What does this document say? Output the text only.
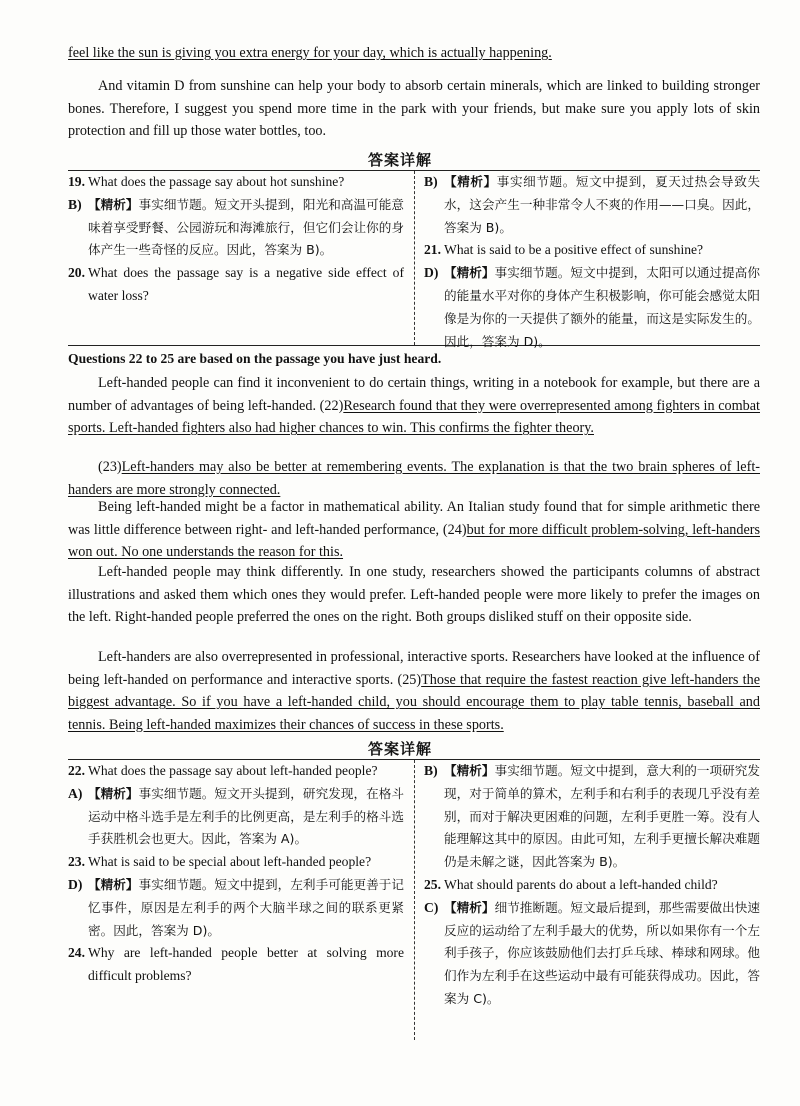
feel like the sun is giving you extra energy for your day, which is actually happening.
And vitamin D from sunshine can help your body to absorb certain minerals, which are linked to building stronger bones. Therefore, I suggest you spend more time in the park with your friends, but make sure you apply lots of skin protection and fill up those water bottles, too.
答案详解
19. What does the passage say about hot sunshine?
B) 【精析】事实细节题。短文开头提到，阳光和高温可能意味着享受野餐、公园游玩和海滩旅行，但它们会让你的身体产生一些奇怪的反应。因此，答案为 B)。
20. What does the passage say is a negative side effect of water loss?
B) 【精析】事实细节题。短文中提到，夏天过热会导致失水，这会产生一种非常令人不爽的作用——口臭。因此，答案为 B)。
21. What is said to be a positive effect of sunshine?
D) 【精析】事实细节题。短文中提到，太阳可以通过提高你的能量水平对你的身体产生积极影响，你可能会感觉太阳像是为你的一天提供了额外的能量，而这是实际发生的。因此，答案为 D)。
Questions 22 to 25 are based on the passage you have just heard.
Left-handed people can find it inconvenient to do certain things, writing in a notebook for example, but there are a number of advantages of being left-handed. (22)Research found that they were overrepresented among fighters in combat sports. Left-handed fighters also had higher chances to win. This confirms the fighter theory.
(23)Left-handers may also be better at remembering events. The explanation is that the two brain spheres of left-handers are more strongly connected.
Being left-handed might be a factor in mathematical ability. An Italian study found that for simple arithmetic there was little difference between right- and left-handed performance, (24)but for more difficult problem-solving, left-handers won out. No one understands the reason for this.
Left-handed people may think differently. In one study, researchers showed the participants columns of abstract illustrations and asked them which ones they would prefer. Left-handed people were more likely to prefer the images on the left. Right-handed people preferred the ones on the right. Both groups disliked stuff on their opposite side.
Left-handers are also overrepresented in professional, interactive sports. Researchers have looked at the influence of being left-handed on performance and interactive sports. (25)Those that require the fastest reaction give left-handers the biggest advantage. So if you have a left-handed child, you should encourage them to play table tennis, baseball and tennis. Being left-handed maximizes their chances of success in these sports.
答案详解
22. What does the passage say about left-handed people?
A) 【精析】事实细节题。短文开头提到，研究发现，在格斗运动中格斗选手是左利手的比例更高，是左利手的格斗选手获胜机会也更大。因此，答案为 A)。
23. What is said to be special about left-handed people?
D) 【精析】事实细节题。短文中提到，左利手可能更善于记忆事件，原因是左利手的两个大脑半球之间的联系更紧密。因此，答案为 D)。
24. Why are left-handed people better at solving more difficult problems?
B) 【精析】事实细节题。短文中提到，意大利的一项研究发现，对于简单的算术，左利手和右利手的表现几乎没有差别，而对于解决更困难的问题，左利手更胜一筹。没有人能理解这其中的原因。由此可知，左利手更擅长解决难题仍是未解之谜，因此答案为 B)。
25. What should parents do about a left-handed child?
C) 【精析】细节推断题。短文最后提到，那些需要做出快速反应的运动给了左利手最大的优势，所以如果你有一个左利手孩子，你应该鼓励他们去打乒乓球、棒球和网球。他们作为左利手在这些运动中最有可能获得成功。因此，答案为 C)。
